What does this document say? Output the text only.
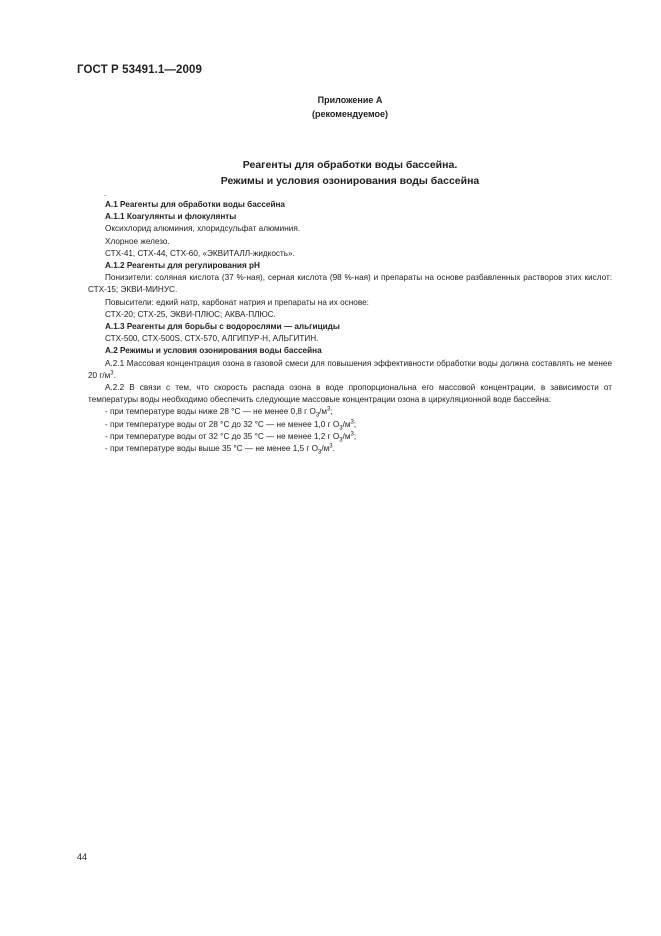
ГОСТ Р 53491.1—2009
Приложение А
(рекомендуемое)
Реагенты для обработки воды бассейна.
Режимы и условия озонирования воды бассейна
.

А.1 Реагенты для обработки воды бассейна

А.1.1 Коагулянты и флокулянты

Оксихлорид алюминия, хлоридсульфат алюминия.

Хлорное железо.

СТХ-41, СТХ-44, СТХ-60, «ЭКВИТАЛЛ-жидкость».

А.1.2 Реагенты для регулирования рН

Понизители: соляная кислота (37 %-ная), серная кислота (98 %-ная) и препараты на основе разбавленных растворов этих кислот: СТХ-15; ЭКВИ-МИНУС.

Повысители: едкий натр, карбонат натрия и препараты на их основе:

СТХ-20; СТХ-25, ЭКВИ-ПЛЮС; АКВА-ПЛЮС.

А.1.3 Реагенты для борьбы с водорослями — альгициды

СТХ-500, СТХ-500S, СТХ-570, АЛГИПУР-Н, АЛЬГИТИН.

А.2 Режимы и условия озонирования воды бассейна

А.2.1 Массовая концентрация озона в газовой смеси для повышения эффективности обработки воды должна составлять не менее 20 $г/м^3$.

А.2.2 В связи с тем, что скорость распада озона в воде пропорциональна его массовой концентрации, в зависимости от температуры воды необходимо обеспечить следующие массовые концентрации озона в циркуляционной воде бассейна:

- при температуре воды ниже 28 °С — не менее 0,8 г $О_3/м^3$;

- при температуре воды от 28 °С до 32 °С — не менее 1,0 г $О_3/м^3$;

- при температуре воды от 32 °С до 35 °С — не менее 1,2 г $О_3/м^3$;

- при температуре воды выше 35 °С — не менее 1,5 г $О_3/м^3$.

44
